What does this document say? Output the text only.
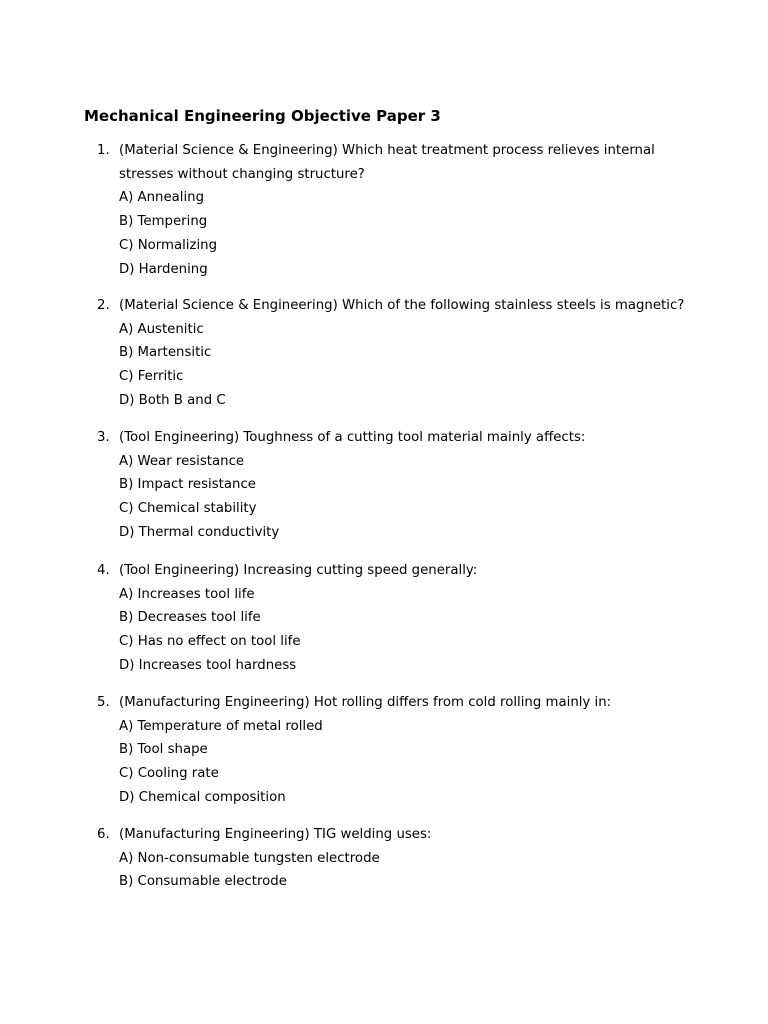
Mechanical Engineering Objective Paper 3
1. (Material Science & Engineering) Which heat treatment process relieves internal stresses without changing structure?
A) Annealing
B) Tempering
C) Normalizing
D) Hardening
2. (Material Science & Engineering) Which of the following stainless steels is magnetic?
A) Austenitic
B) Martensitic
C) Ferritic
D) Both B and C
3. (Tool Engineering) Toughness of a cutting tool material mainly affects:
A) Wear resistance
B) Impact resistance
C) Chemical stability
D) Thermal conductivity
4. (Tool Engineering) Increasing cutting speed generally:
A) Increases tool life
B) Decreases tool life
C) Has no effect on tool life
D) Increases tool hardness
5. (Manufacturing Engineering) Hot rolling differs from cold rolling mainly in:
A) Temperature of metal rolled
B) Tool shape
C) Cooling rate
D) Chemical composition
6. (Manufacturing Engineering) TIG welding uses:
A) Non-consumable tungsten electrode
B) Consumable electrode
